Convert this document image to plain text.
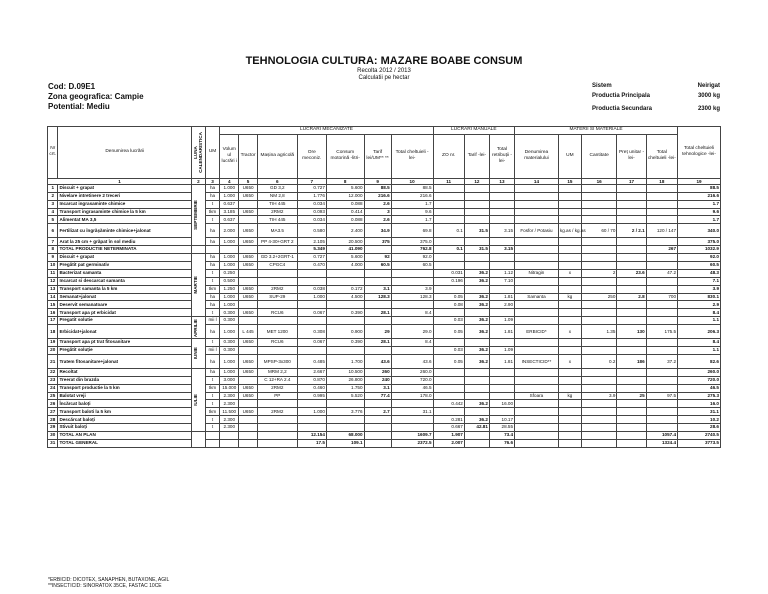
TEHNOLOGIA CULTURA: MAZARE BOABE CONSUM
Recolta 2012 / 2013
Calculatii pe hectar
Cod: D.09E1
Zona geografica: Campie
Potential: Mediu
Sistem
Productia Principala
Productia Secundara
Neirigat
3000 kg
2300 kg
Nr crt.	Denumirea lucrării	LUNA CALENDARISTICA	UM	LUCRARI MECANIZATE							LUCRARI MANUALE			MATERII SI MATERIALE					Total cheltuieli tehnologice -lei-
				Volum ul lucrări i	Tractor	Mașina agricolă	Ore meconiz.	Consum motorină -litri-	Tarif lei/UM** **	Total cheltuieli -lei-	ZO nr.	Tarif -lei-	Total retribuții -lei-	Denumirea materialului	UM	Cantitate	Preț unitar -lei-	Total cheltuieli -lei-	
1		2	3	4	5	6	7	8	9	10	11	12	13	14	15	16	17	18	19
1	Discuit + grapat	SEPTEMBRIE	ha	1.000	U650	GD 3,2	0.727	5.600	88.5	88.5									88.5
2	Nivelare intretinere 2 treceri		ha	1.000	U650	NM 2,8	1.776	12.000	216.6	216.6									216.6
3	Incarcat ingrasaminte chimice		t	0.637		TIH 445	0.034	0.088	2.6	1.7									1.7
4	Transport ingrasaminte chimice la 5 km		tkm	3.185	U650	2RM2	0.093	0.414	3	9.6									9.6
5	Alimentat MA 3,5		t	0.637		TIH 445	0.034	0.088	2.6	1.7									1.7
6	Fertilizat cu îngrășăminte chimice+jalonat		ha	2.000	U650	MA3.5	0.580	2.400	34.9	69.8	0.1	31.5	3.15	Fosfor / Potasiu	kg.as / kg.as	60 / 70	2 / 2.1	120 / 147	340.0
7	Arat la 25 cm + grăpat în sol mediu		ha	1.000	U650	PP 4-30+GRT 2	2.105	20.500	375	375.0									375.0
8	TOTAL PRODUCTIE NETERMINATA						5.349	41.090		762.8	0.1	31.5	3.15					267	1032.9
9	Discuit + grapat	MARTIE	ha	1.000	U650	GD 3.2+2GRT-1	0.727	5.600	92	92.0									92.0
10	Pregătit pat germinativ		ha	1.000	U650	CPGC4	0.470	4.000	60.5	60.5									60.5
11	Bacterizat samanta		t	0.250							0.031	36.2	1.12	Nitragin	x	2	23.6	47.2	48.3
12	Incarcat si descarcat samanta		t	0.500							0.196	36.2	7.10						7.1
13	Transport samanta la 5 km		tkm	1.250	U650	2RM2	0.038	0.172	3.1	3.9									3.9
14	Semanat+jalonat		ha	1.000	U650	SUP-29	1.000	4.500	128.3	128.3	0.05	36.2	1.81	Samanta	kg	250	2.8	700	830.1
15	Deservit semanatoare		ha	1.000							0.08	36.2	2.90						2.9
16	Transport apa pt erbicidat		t	0.300	U650	RCU6	0.067	0.390	28.1	8.4									8.4
17	Pregatit solutie	APRILIE	mii l	0.300							0.03	36.2	1.09						1.1
18	Erbicidat+jalonat		ha	1.000	L 445	MET 1200	0.308	0.900	29	29.0	0.05	36.2	1.81	ERBICID*	x	1.35	130	175.5	206.3
19	Transport apa pt trat fitosanitare	IUNIE	t	0.300	U650	RCU6	0.067	0.390	28.1	8.4									8.4
20	Pregătit soluție		mii l	0.300							0.03	36.2	1.09						1.1
21	Tratem fitosanitare+jalonat		ha	1.000	U650	MPSP-3x300	0.485	1.700	43.6	43.6	0.05	36.2	1.81	INSECTICID**	x	0.2	186	37.2	82.6
22	Recoltat	IULIE	ha	1.000	U650	MRM 2,2	2.667	10.500	260	260.0									260.0
23	Treerat din brazda		t	3.000		C 12+RA 2.4	0.870	26.800	240	720.0									720.0
24	Transport productie la 5 km		tkm	15.000	U650	2RM2	0.460	1.750	3.1	46.5									46.5
25	Balotat vreji		t	2.300	U650	PP	0.995	5.520	77.4	178.0				Sfoara	kg	3.9	25	97.5	275.3
26	Încărcat baloți		t	2.300							0.442	36.2	16.00						16.0
27	Transport baloti la 5 km		tkm	11.500	U650	2RM2	1.000	3.776	2.7	31.1									31.1
28	Descărcat baloți		t	2.300							0.281	36.2	10.17						10.2
29	Stivuit baloți		t	2.300							0.667	42.81	28.55						28.6
30	TOTAL AN PLAN						12.154	68.000		1609.7	1.907		73.4					1057.4	2740.5
31	TOTAL GENERAL						17.5	109.1		2372.5	2.007		76.6					1324.4	3773.5
*ERBICID: DICOTEX, SANAPHEN, BUTAXONE, AGIL
**INSECTICID: SINORATOX 35CE, FASTAC 10CE
